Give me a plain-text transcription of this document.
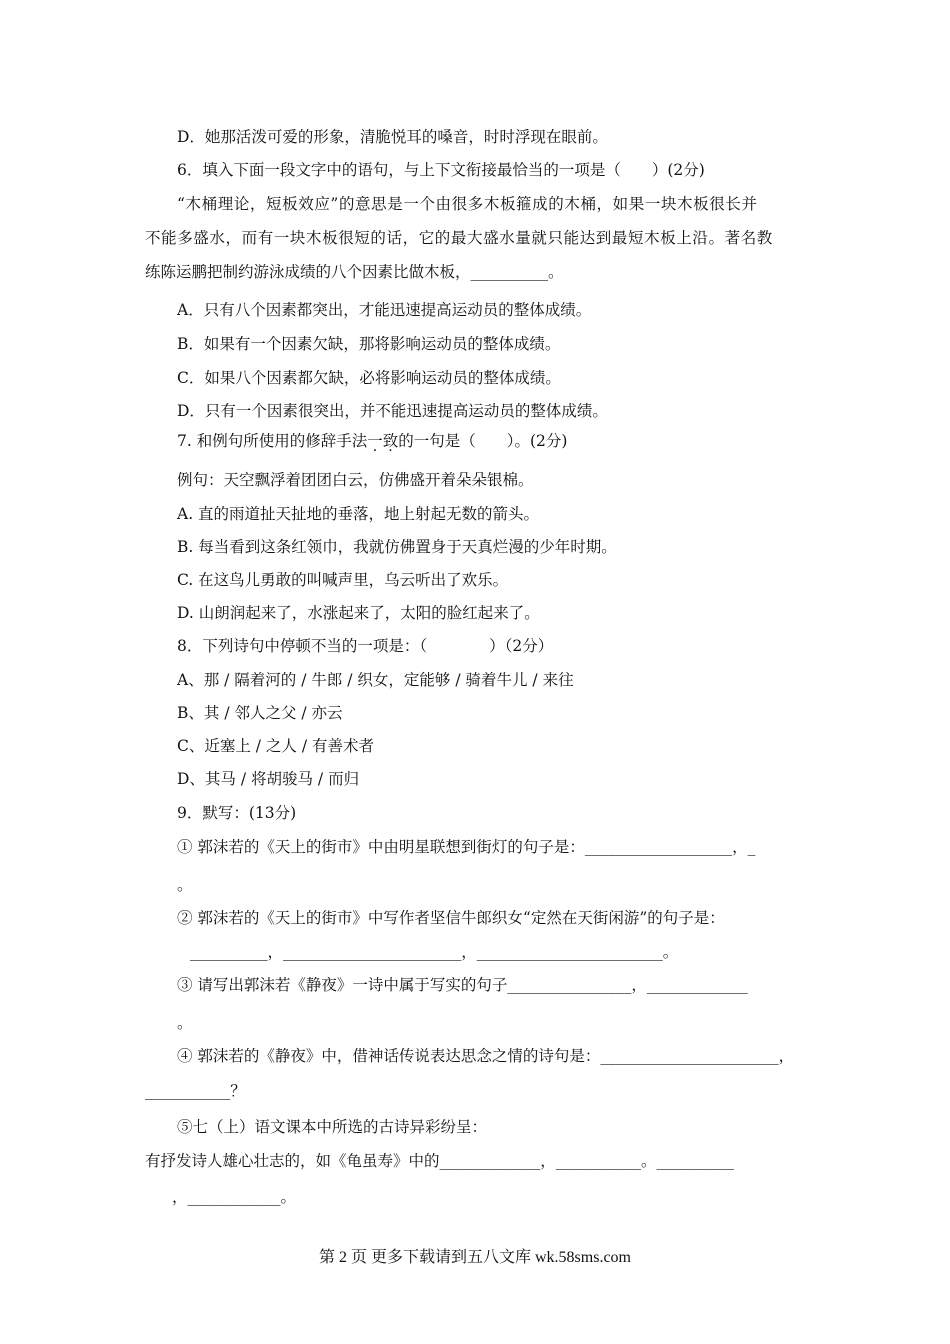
D．她那活泼可爱的形象，清脆悦耳的嗓音，时时浮现在眼前。
6．填入下面一段文字中的语句，与上下文衔接最恰当的一项是（　　）(2分)
“木桶理论，短板效应”的意思是一个由很多木板箍成的木桶，如果一块木板很长并
不能多盛水，而有一块木板很短的话，它的最大盛水量就只能达到最短木板上沿。著名教
练陈运鹏把制约游泳成绩的八个因素比做木板，__________。
A．只有八个因素都突出，才能迅速提高运动员的整体成绩。
B．如果有一个因素欠缺，那将影响运动员的整体成绩。
C．如果八个因素都欠缺，必将影响运动员的整体成绩。
D．只有一个因素很突出，并不能迅速提高运动员的整体成绩。
7. 和例句所使用的修辞手法一致的一句是（　　）。(2分)
例句：天空飘浮着团团白云，仿佛盛开着朵朵银棉。
A. 直的雨道扯天扯地的垂落，地上射起无数的箭头。
B. 每当看到这条红领巾，我就仿佛置身于天真烂漫的少年时期。
C. 在这鸟儿勇敢的叫喊声里，乌云听出了欢乐。
D. 山朗润起来了，水涨起来了，太阳的脸红起来了。
8．下列诗句中停顿不当的一项是：（　　　　）（2分）
A、那 / 隔着河的 / 牛郎 / 织女，定能够 / 骑着牛儿 / 来往
B、其 / 邻人之父 / 亦云
C、近塞上 / 之人 / 有善术者
D、其马 / 将胡骏马 / 而归
9．默写：(13分)
① 郭沫若的《天上的街市》中由明星联想到街灯的句子是：___________________，_
。
② 郭沫若的《天上的街市》中写作者坚信牛郎织女“定然在天街闲游”的句子是：
__________，_______________________，________________________。
③ 请写出郭沫若《静夜》一诗中属于写实的句子________________，_____________
。
④ 郭沫若的《静夜》中，借神话传说表达思念之情的诗句是：_______________________，
___________？
⑤七（上）语文课本中所选的古诗异彩纷呈：
有抒发诗人雄心壮志的，如《龟虽寿》中的_____________，___________。__________
，____________。
第 2 页 更多下载请到五八文库 wk.58sms.com
